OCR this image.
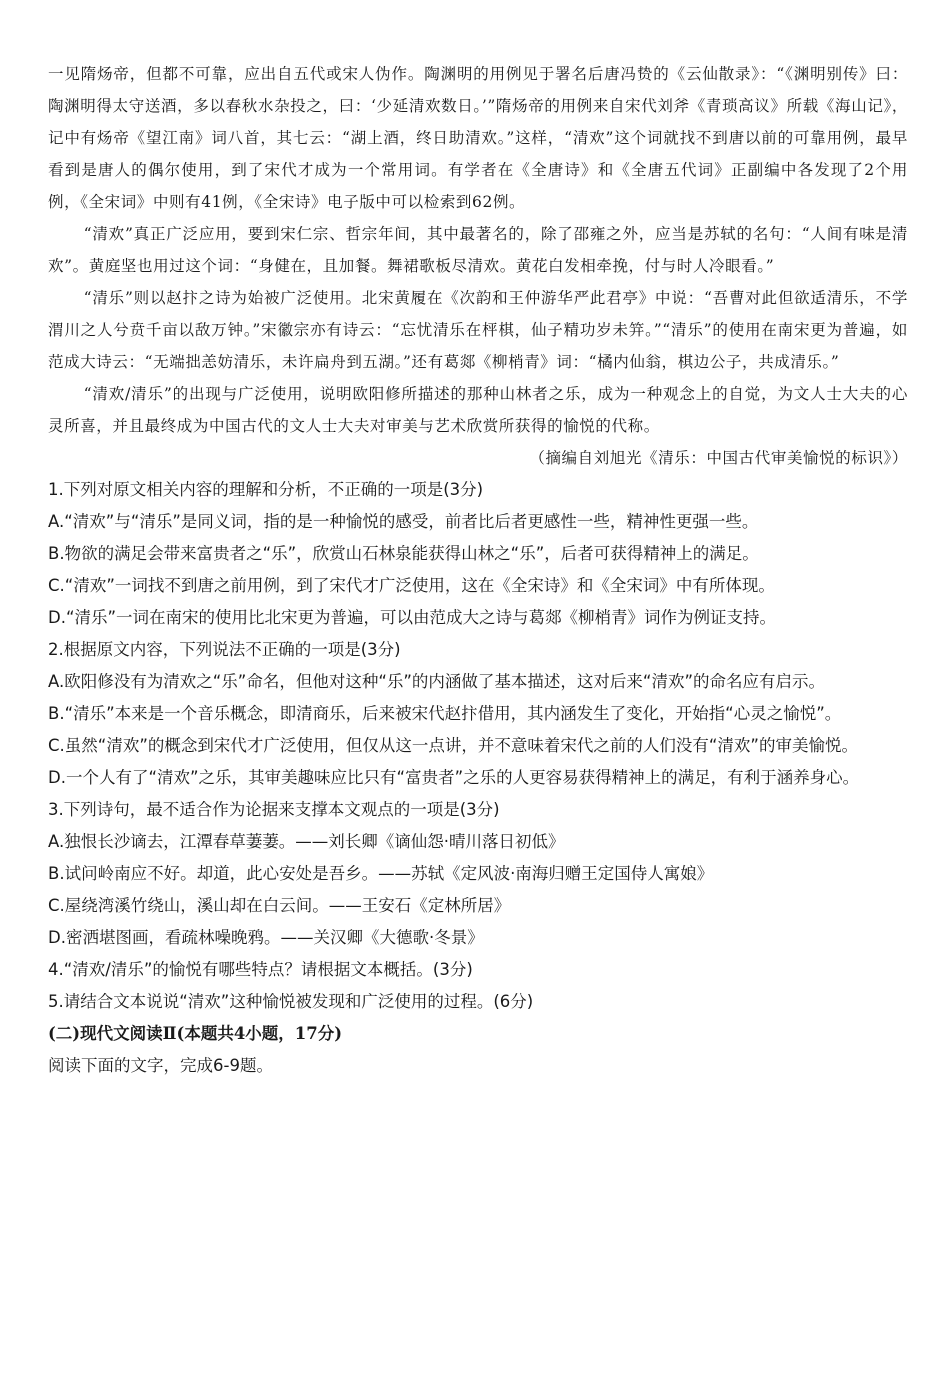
一见隋炀帝，但都不可靠，应出自五代或宋人伪作。陶渊明的用例见于署名后唐冯贽的《云仙散录》：“《渊明别传》曰：陶渊明得太守送酒，多以春秋水杂投之，曰：‘少延清欢数日。’”隋炀帝的用例来自宋代刘斧《青琐高议》所载《海山记》，记中有炀帝《望江南》词八首，其七云：“湖上酒，终日助清欢。”这样，“清欢”这个词就找不到唐以前的可靠用例，最早看到是唐人的偶尔使用，到了宋代才成为一个常用词。有学者在《全唐诗》和《全唐五代词》正副编中各发现了2个用例，《全宋词》中则有41例，《全宋诗》电子版中可以检索到62例。

“清欢”真正广泛应用，要到宋仁宗、哲宗年间，其中最著名的，除了邵雍之外，应当是苏轼的名句：“人间有味是清欢”。黄庭坚也用过这个词：“身健在，且加餐。舞裙歌板尽清欢。黄花白发相牵挽，付与时人冷眼看。”

“清乐”则以赵抃之诗为始被广泛使用。北宋黄履在《次韵和王仲游华严此君亭》中说：“吾曹对此但欲适清乐，不学渭川之人兮贲千亩以敌万钟。”宋徽宗亦有诗云：“忘忧清乐在枰棋，仙子精功岁未笄。”“清乐”的使用在南宋更为普遍，如范成大诗云：“无端拙恙妨清乐，未许扁舟到五湖。”还有葛郯《柳梢青》词：“橘内仙翁，棋边公子，共成清乐。”

“清欢/清乐”的出现与广泛使用，说明欧阳修所描述的那种山林者之乐，成为一种观念上的自觉，为文人士大夫的心灵所喜，并且最终成为中国古代的文人士大夫对审美与艺术欣赏所获得的愉悦的代称。

（摘编自刘旭光《清乐：中国古代审美愉悦的标识》）

1.下列对原文相关内容的理解和分析，不正确的一项是(3分)

A.“清欢”与“清乐”是同义词，指的是一种愉悦的感受，前者比后者更感性一些，精神性更强一些。

B.物欲的满足会带来富贵者之“乐”，欣赏山石林泉能获得山林之“乐”，后者可获得精神上的满足。

C.“清欢”一词找不到唐之前用例，到了宋代才广泛使用，这在《全宋诗》和《全宋词》中有所体现。

D.“清乐”一词在南宋的使用比北宋更为普遍，可以由范成大之诗与葛郯《柳梢青》词作为例证支持。

2.根据原文内容，下列说法不正确的一项是(3分)

A.欧阳修没有为清欢之“乐”命名，但他对这种“乐”的内涵做了基本描述，这对后来“清欢”的命名应有启示。

B.“清乐”本来是一个音乐概念，即清商乐，后来被宋代赵抃借用，其内涵发生了变化，开始指“心灵之愉悦”。

C.虽然“清欢”的概念到宋代才广泛使用，但仅从这一点讲，并不意味着宋代之前的人们没有“清欢”的审美愉悦。

D.一个人有了“清欢”之乐，其审美趣味应比只有“富贵者”之乐的人更容易获得精神上的满足，有利于涵养身心。

3.下列诗句，最不适合作为论据来支撑本文观点的一项是(3分)

A.独恨长沙谪去，江潭春草萋萋。——刘长卿《谪仙怨·晴川落日初低》

B.试问岭南应不好。却道，此心安处是吾乡。——苏轼《定风波·南海归赠王定国侍人寓娘》

C.屋绕湾溪竹绕山，溪山却在白云间。——王安石《定林所居》

D.密洒堪图画，看疏林噪晚鸦。——关汉卿《大德歌·冬景》

4.“清欢/清乐”的愉悦有哪些特点？请根据文本概括。(3分)

5.请结合文本说说“清欢”这种愉悦被发现和广泛使用的过程。(6分)

(二)现代文阅读Ⅱ(本题共4小题，17分)

阅读下面的文字，完成6-9题。
